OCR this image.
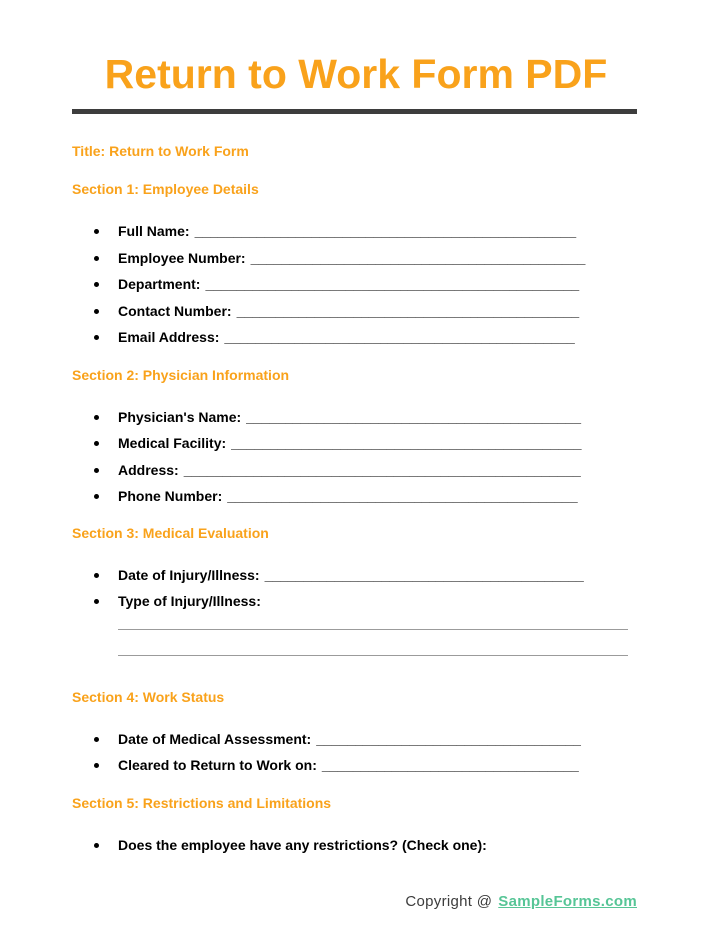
Return to Work Form PDF

Title: Return to Work Form

Section 1: Employee Details
Full Name: _________________________________________________
Employee Number: ___________________________________________
Department: ________________________________________________
Contact Number: ____________________________________________
Email Address: _____________________________________________
Section 2: Physician Information
Physician's Name: ___________________________________________
Medical Facility: _____________________________________________
Address: ___________________________________________________
Phone Number: _____________________________________________
Section 3: Medical Evaluation
Date of Injury/Illness: _________________________________________
Type of Injury/Illness:
Section 4: Work Status
Date of Medical Assessment: __________________________________
Cleared to Return to Work on: _________________________________
Section 5: Restrictions and Limitations
Does the employee have any restrictions? (Check one):
Copyright @ SampleForms.com
